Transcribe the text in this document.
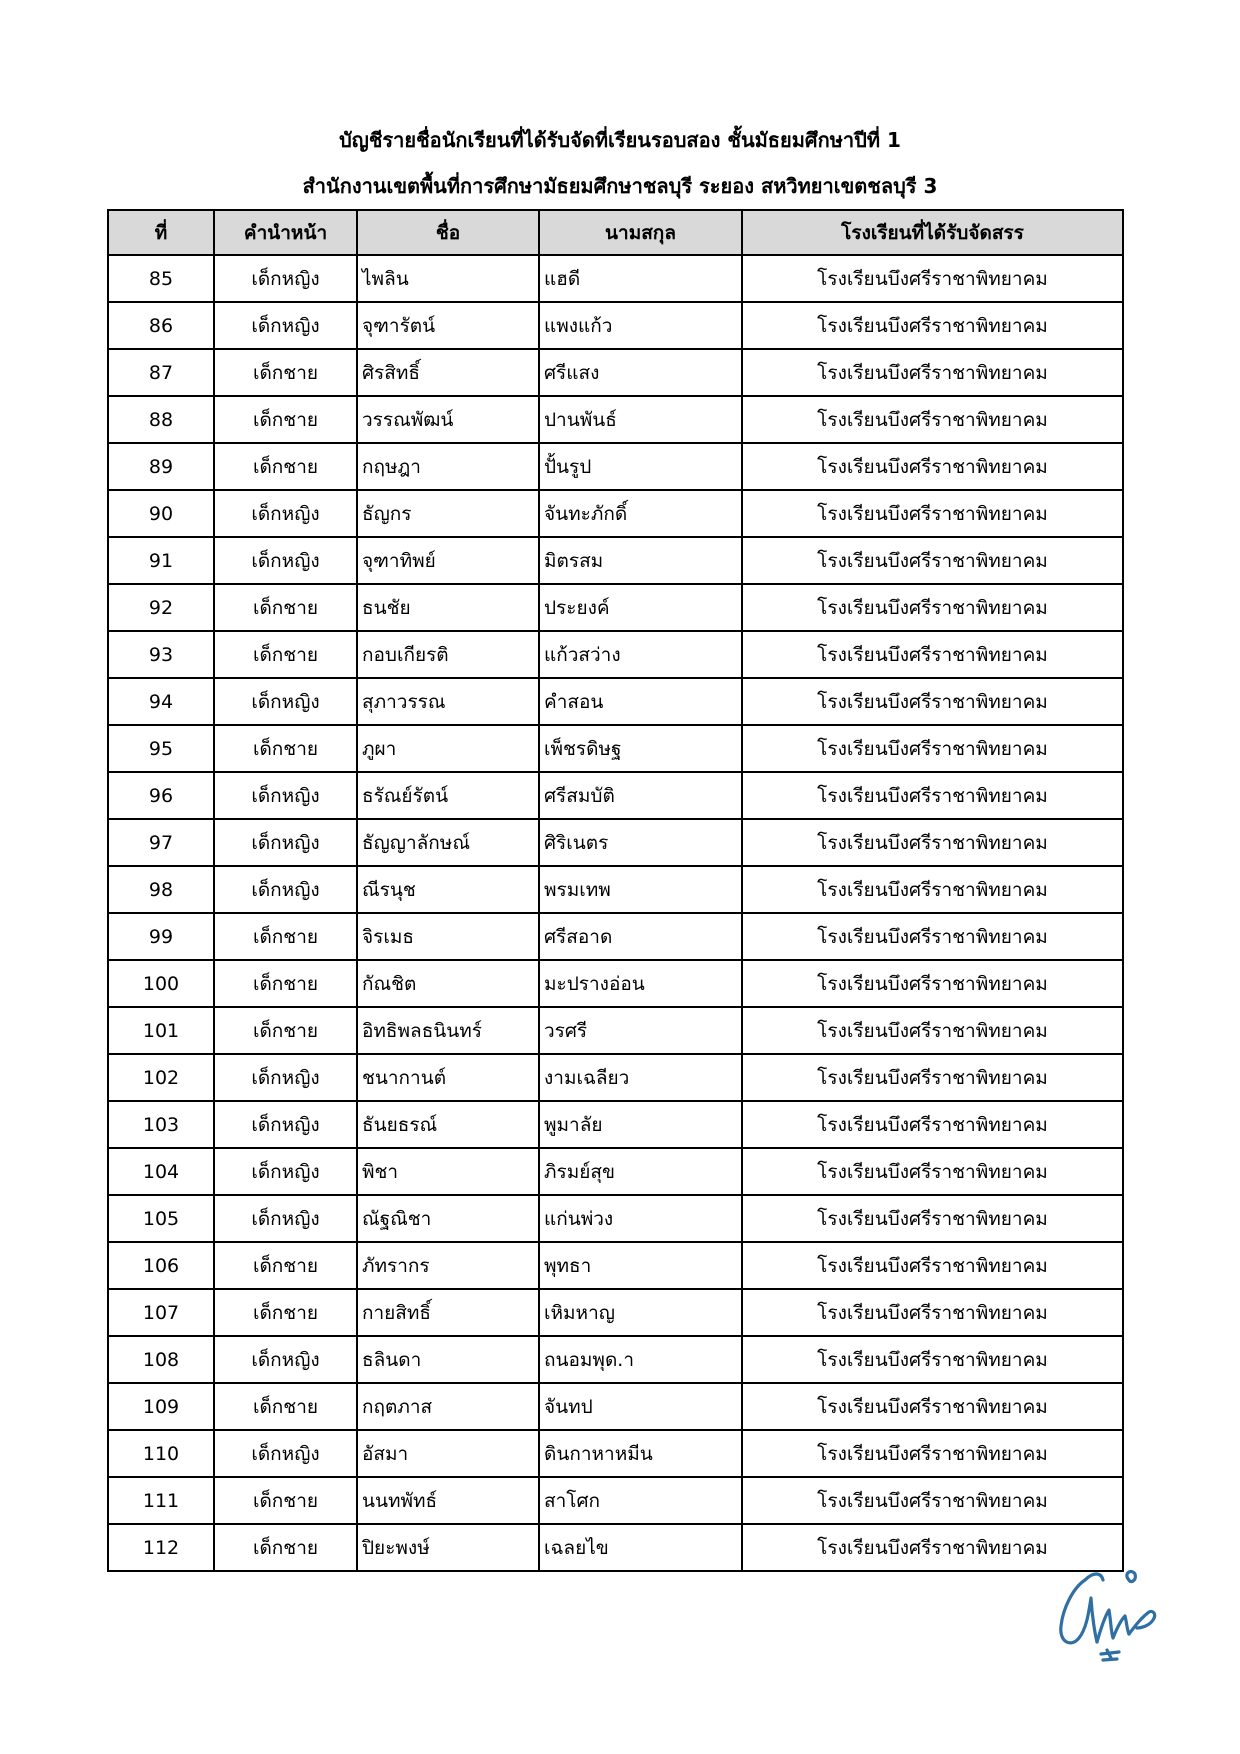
บัญชีรายชื่อนักเรียนที่ได้รับจัดที่เรียนรอบสอง ชั้นมัธยมศึกษาปีที่ 1
สำนักงานเขตพื้นที่การศึกษามัธยมศึกษาชลบุรี ระยอง สหวิทยาเขตชลบุรี 3
ที่	คำนำหน้า	ชื่อ	นามสกุล	โรงเรียนที่ได้รับจัดสรร
85	เด็กหญิง	ไพลิน	แฮดี	โรงเรียนบึงศรีราชาพิทยาคม
86	เด็กหญิง	จุฑารัตน์	แพงแก้ว	โรงเรียนบึงศรีราชาพิทยาคม
87	เด็กชาย	ศิรสิทธิ์	ศรีแสง	โรงเรียนบึงศรีราชาพิทยาคม
88	เด็กชาย	วรรณพัฒน์	ปานพันธ์	โรงเรียนบึงศรีราชาพิทยาคม
89	เด็กชาย	กฤษฎา	ปั้นรูป	โรงเรียนบึงศรีราชาพิทยาคม
90	เด็กหญิง	ธัญกร	จันทะภักดิ์	โรงเรียนบึงศรีราชาพิทยาคม
91	เด็กหญิง	จุฑาทิพย์	มิตรสม	โรงเรียนบึงศรีราชาพิทยาคม
92	เด็กชาย	ธนชัย	ประยงค์	โรงเรียนบึงศรีราชาพิทยาคม
93	เด็กชาย	กอบเกียรติ	แก้วสว่าง	โรงเรียนบึงศรีราชาพิทยาคม
94	เด็กหญิง	สุภาวรรณ	คำสอน	โรงเรียนบึงศรีราชาพิทยาคม
95	เด็กชาย	ภูผา	เพ็ชรดิษฐ	โรงเรียนบึงศรีราชาพิทยาคม
96	เด็กหญิง	ธรัณย์รัตน์	ศรีสมบัติ	โรงเรียนบึงศรีราชาพิทยาคม
97	เด็กหญิง	ธัญญาลักษณ์	ศิริเนตร	โรงเรียนบึงศรีราชาพิทยาคม
98	เด็กหญิง	ณีรนุช	พรมเทพ	โรงเรียนบึงศรีราชาพิทยาคม
99	เด็กชาย	จิรเมธ	ศรีสอาด	โรงเรียนบึงศรีราชาพิทยาคม
100	เด็กชาย	กัณชิต	มะปรางอ่อน	โรงเรียนบึงศรีราชาพิทยาคม
101	เด็กชาย	อิทธิพลธนินทร์	วรศรี	โรงเรียนบึงศรีราชาพิทยาคม
102	เด็กหญิง	ชนากานต์	งามเฉลียว	โรงเรียนบึงศรีราชาพิทยาคม
103	เด็กหญิง	ธันยธรณ์	พูมาลัย	โรงเรียนบึงศรีราชาพิทยาคม
104	เด็กหญิง	พิชา	ภิรมย์สุข	โรงเรียนบึงศรีราชาพิทยาคม
105	เด็กหญิง	ณัฐณิชา	แก่นพ่วง	โรงเรียนบึงศรีราชาพิทยาคม
106	เด็กชาย	ภัทรากร	พุทธา	โรงเรียนบึงศรีราชาพิทยาคม
107	เด็กชาย	กายสิทธิ์	เหิมหาญ	โรงเรียนบึงศรีราชาพิทยาคม
108	เด็กหญิง	ธลินดา	ถนอมพุด.า	โรงเรียนบึงศรีราชาพิทยาคม
109	เด็กชาย	กฤตภาส	จันทป	โรงเรียนบึงศรีราชาพิทยาคม
110	เด็กหญิง	อัสมา	ดินกาหาหมีน	โรงเรียนบึงศรีราชาพิทยาคม
111	เด็กชาย	นนทพัทธ์	สาโศก	โรงเรียนบึงศรีราชาพิทยาคม
112	เด็กชาย	ปิยะพงษ์	เฉลยไข	โรงเรียนบึงศรีราชาพิทยาคม
